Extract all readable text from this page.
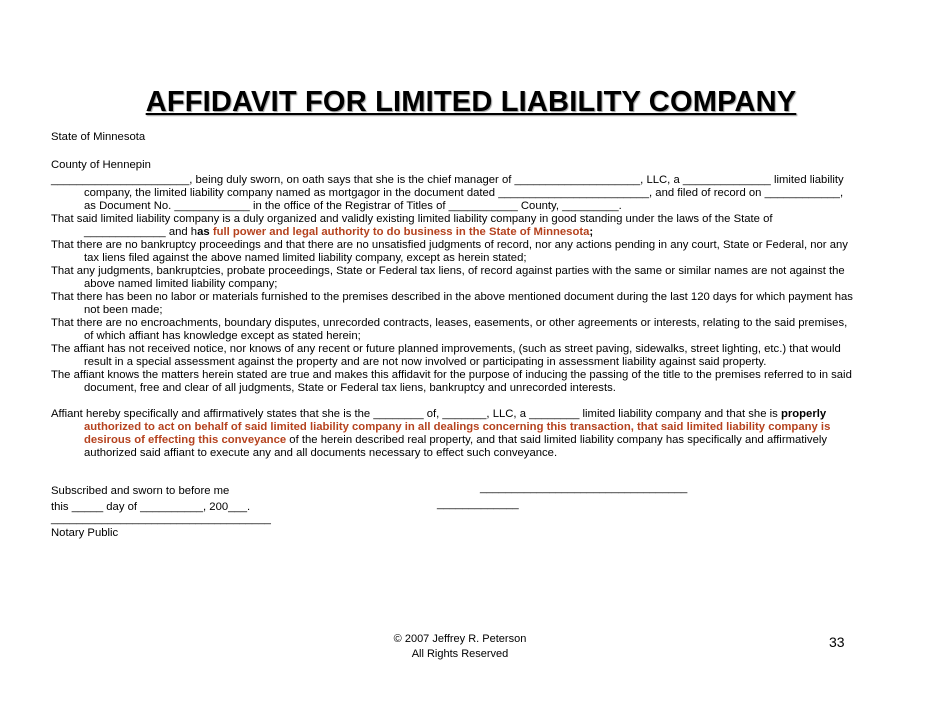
AFFIDAVIT FOR LIMITED LIABILITY COMPANY
State of Minnesota
County of Hennepin
______________________, being duly sworn, on oath says that she is the chief manager of ____________________, LLC, a ______________ limited liability
company, the limited liability company named as mortgagor in the document dated ________________________, and filed of record on ____________,
as Document No. ____________ in the office of the Registrar of Titles of ___________ County, _________.
That said limited liability company is a duly organized and validly existing limited liability company in good standing under the laws of the State of
_____________ and has full power and legal authority to do business in the State of Minnesota;
That there are no bankruptcy proceedings and that there are no unsatisfied judgments of record, nor any actions pending in any court, State or Federal, nor any
tax liens filed against the above named limited liability company, except as herein stated;
That any judgments, bankruptcies, probate proceedings, State or Federal tax liens, of record against parties with the same or similar names are not against the
above named limited liability company;
That there has been no labor or materials furnished to the premises described in the above mentioned document during the last 120 days for which payment has
not been made;
That there are no encroachments, boundary disputes, unrecorded contracts, leases, easements, or other agreements or interests, relating to the said premises,
of which affiant has knowledge except as stated herein;
The affiant has not received notice, nor knows of any recent or future planned improvements, (such as street paving, sidewalks, street lighting, etc.) that would
result in a special assessment against the property and are not now involved or participating in assessment liability against said property.
The affiant knows the matters herein stated are true and makes this affidavit for the purpose of inducing the passing of the title to the premises referred to in said
document, free and clear of all judgments, State or Federal tax liens, bankruptcy and unrecorded interests.
Affiant hereby specifically and affirmatively states that she is the ________ of, _______, LLC, a ________ limited liability company and that she is properly
authorized to act on behalf of said limited liability company in all dealings concerning this transaction, that said limited liability company is
desirous of effecting this conveyance of the herein described real property, and that said limited liability company has specifically and affirmatively
authorized said affiant to execute any and all documents necessary to effect such conveyance.
Subscribed and sworn to before me	_________________________________
this _____ day of __________, 200___.	_____________
___________________________________
Notary Public
© 2007 Jeffrey R. Peterson
All Rights Reserved
33
